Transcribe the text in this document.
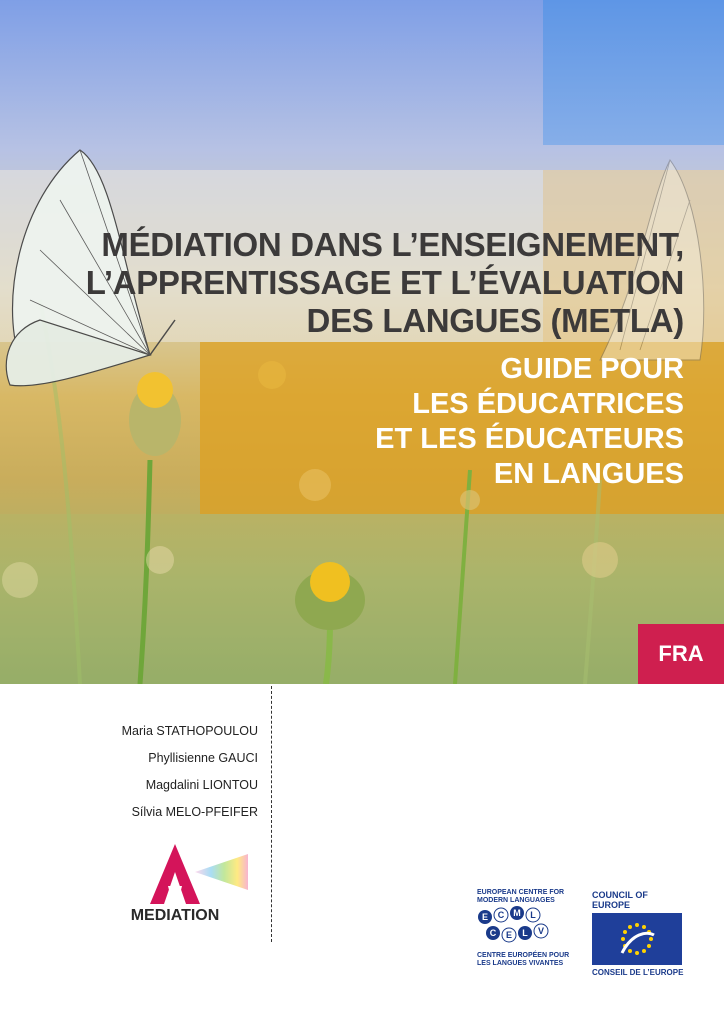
MÉDIATION DANS L’ENSEIGNEMENT,
L’APPRENTISSAGE ET L’ÉVALUATION
DES LANGUES (METLA)
GUIDE POUR
LES ÉDUCATRICES
ET LES ÉDUCATEURS
EN LANGUES
FRA
Maria STATHOPOULOU
Phyllisienne GAUCI
Magdalini LIONTOU
Sílvia MELO-PFEIFER
MEDIATION
EUROPEAN CENTRE FOR
MODERN LANGUAGES
E C M L
C E L V
CENTRE EUROPÉEN POUR
LES LANGUES VIVANTES
COUNCIL OF EUROPE
CONSEIL DE L’EUROPE
